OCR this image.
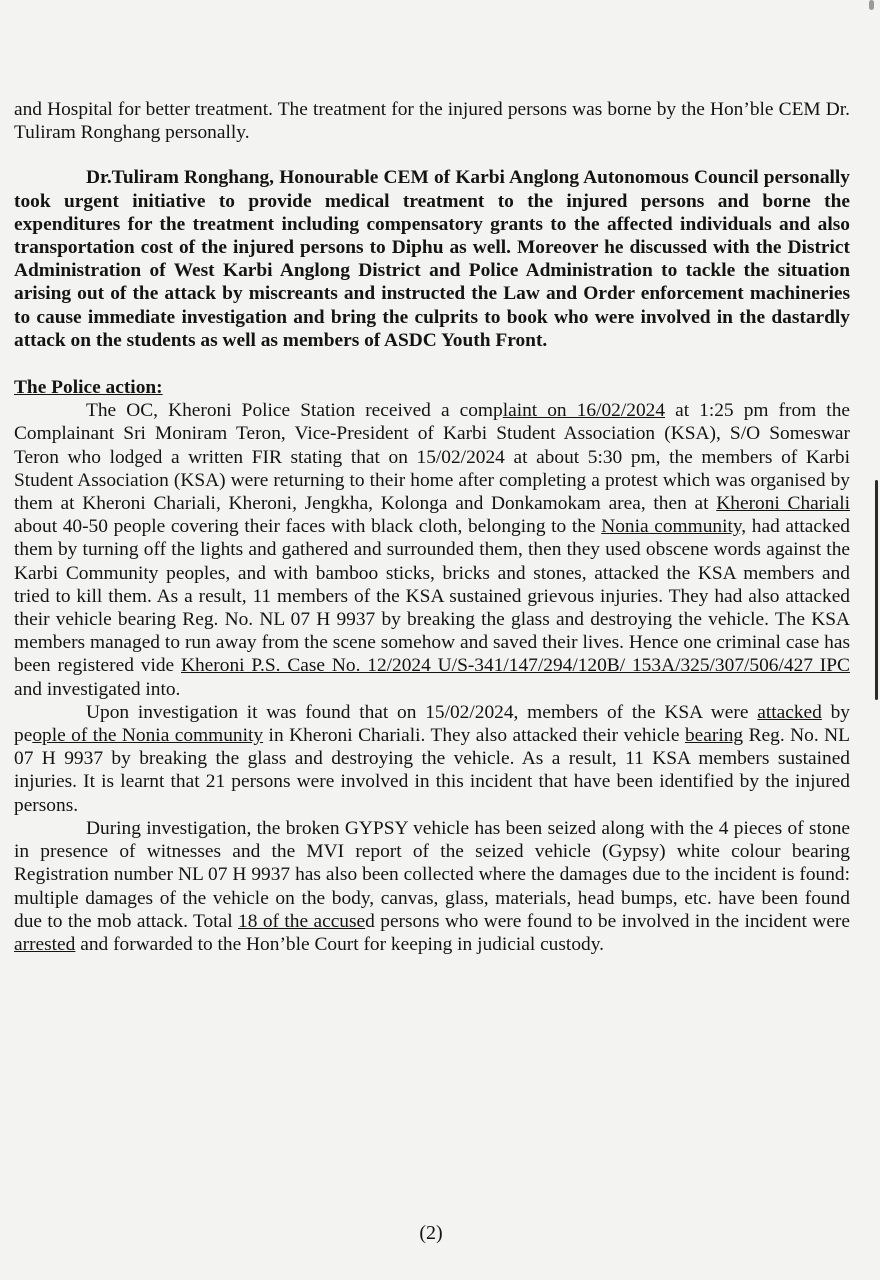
and Hospital for better treatment. The treatment for the injured persons was borne by the Hon’ble CEM Dr. Tuliram Ronghang personally.

Dr.Tuliram Ronghang, Honourable CEM of Karbi Anglong Autonomous Council personally took urgent initiative to provide medical treatment to the injured persons and borne the expenditures for the treatment including compensatory grants to the affected individuals and also transportation cost of the injured persons to Diphu as well. Moreover he discussed with the District Administration of West Karbi Anglong District and Police Administration to tackle the situation arising out of the attack by miscreants and instructed the Law and Order enforcement machineries to cause immediate investigation and bring the culprits to book who were involved in the dastardly attack on the students as well as members of ASDC Youth Front.

The Police action:

The OC, Kheroni Police Station received a complaint on 16/02/2024 at 1:25 pm from the Complainant Sri Moniram Teron, Vice-President of Karbi Student Association (KSA), S/O Someswar Teron who lodged a written FIR stating that on 15/02/2024 at about 5:30 pm, the members of Karbi Student Association (KSA) were returning to their home after completing a protest which was organised by them at Kheroni Chariali, Kheroni, Jengkha, Kolonga and Donkamokam area, then at Kheroni Chariali about 40-50 people covering their faces with black cloth, belonging to the Nonia community, had attacked them by turning off the lights and gathered and surrounded them, then they used obscene words against the Karbi Community peoples, and with bamboo sticks, bricks and stones, attacked the KSA members and tried to kill them. As a result, 11 members of the KSA sustained grievous injuries. They had also attacked their vehicle bearing Reg. No. NL 07 H 9937 by breaking the glass and destroying the vehicle. The KSA members managed to run away from the scene somehow and saved their lives. Hence one criminal case has been registered vide Kheroni P.S. Case No. 12/2024 U/S-341/147/294/120B/ 153A/325/307/506/427 IPC and investigated into.

Upon investigation it was found that on 15/02/2024, members of the KSA were attacked by people of the Nonia community in Kheroni Chariali. They also attacked their vehicle bearing Reg. No. NL 07 H 9937 by breaking the glass and destroying the vehicle. As a result, 11 KSA members sustained injuries. It is learnt that 21 persons were involved in this incident that have been identified by the injured persons.

During investigation, the broken GYPSY vehicle has been seized along with the 4 pieces of stone in presence of witnesses and the MVI report of the seized vehicle (Gypsy) white colour bearing Registration number NL 07 H 9937 has also been collected where the damages due to the incident is found: multiple damages of the vehicle on the body, canvas, glass, materials, head bumps, etc. have been found due to the mob attack. Total 18 of the accused persons who were found to be involved in the incident were arrested and forwarded to the Hon’ble Court for keeping in judicial custody.

(2)
